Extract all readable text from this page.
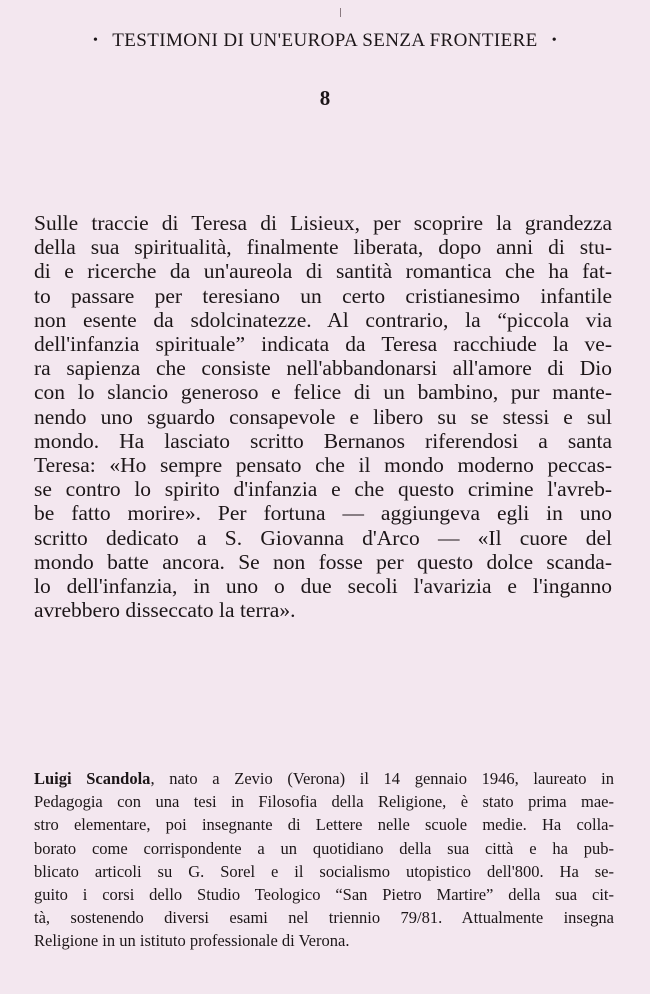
• TESTIMONI DI UN'EUROPA SENZA FRONTIERE •
8
Sulle traccie di Teresa di Lisieux, per scoprire la grandezza
della sua spiritualità, finalmente liberata, dopo anni di stu-
di e ricerche da un'aureola di santità romantica che ha fat-
to passare per teresiano un certo cristianesimo infantile
non esente da sdolcinatezze. Al contrario, la “piccola via
dell'infanzia spirituale” indicata da Teresa racchiude la ve-
ra sapienza che consiste nell'abbandonarsi all'amore di Dio
con lo slancio generoso e felice di un bambino, pur mante-
nendo uno sguardo consapevole e libero su se stessi e sul
mondo. Ha lasciato scritto Bernanos riferendosi a santa
Teresa: «Ho sempre pensato che il mondo moderno peccas-
se contro lo spirito d'infanzia e che questo crimine l'avreb-
be fatto morire». Per fortuna — aggiungeva egli in uno
scritto dedicato a S. Giovanna d'Arco — «Il cuore del
mondo batte ancora. Se non fosse per questo dolce scanda-
lo dell'infanzia, in uno o due secoli l'avarizia e l'inganno
avrebbero disseccato la terra».
Luigi Scandola, nato a Zevio (Verona) il 14 gennaio 1946, laureato in
Pedagogia con una tesi in Filosofia della Religione, è stato prima mae-
stro elementare, poi insegnante di Lettere nelle scuole medie. Ha colla-
borato come corrispondente a un quotidiano della sua città e ha pub-
blicato articoli su G. Sorel e il socialismo utopistico dell'800. Ha se-
guito i corsi dello Studio Teologico “San Pietro Martire” della sua cit-
tà, sostenendo diversi esami nel triennio 79/81. Attualmente insegna
Religione in un istituto professionale di Verona.
